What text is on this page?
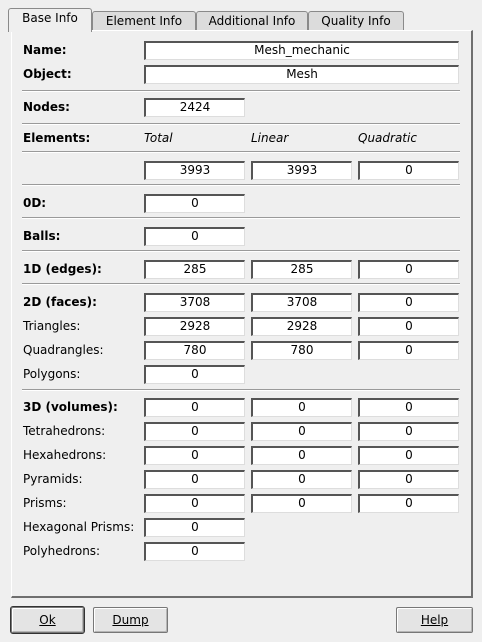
Base Info	Element Info	Additional Info	Quality Info
Name:	Mesh_mechanic
Object:	Mesh
Nodes:	2424
Elements:	Total	Linear	Quadratic
3993	3993	0
0D:	0
Balls:	0
1D (edges):	285	285	0
2D (faces):	3708	3708	0
Triangles:	2928	2928	0
Quadrangles:	780	780	0
Polygons:	0
3D (volumes):	0	0	0
Tetrahedrons:	0	0	0
Hexahedrons:	0	0	0
Pyramids:	0	0	0
Prisms:	0	0	0
Hexagonal Prisms:	0
Polyhedrons:	0
Ok	Dump	Help
